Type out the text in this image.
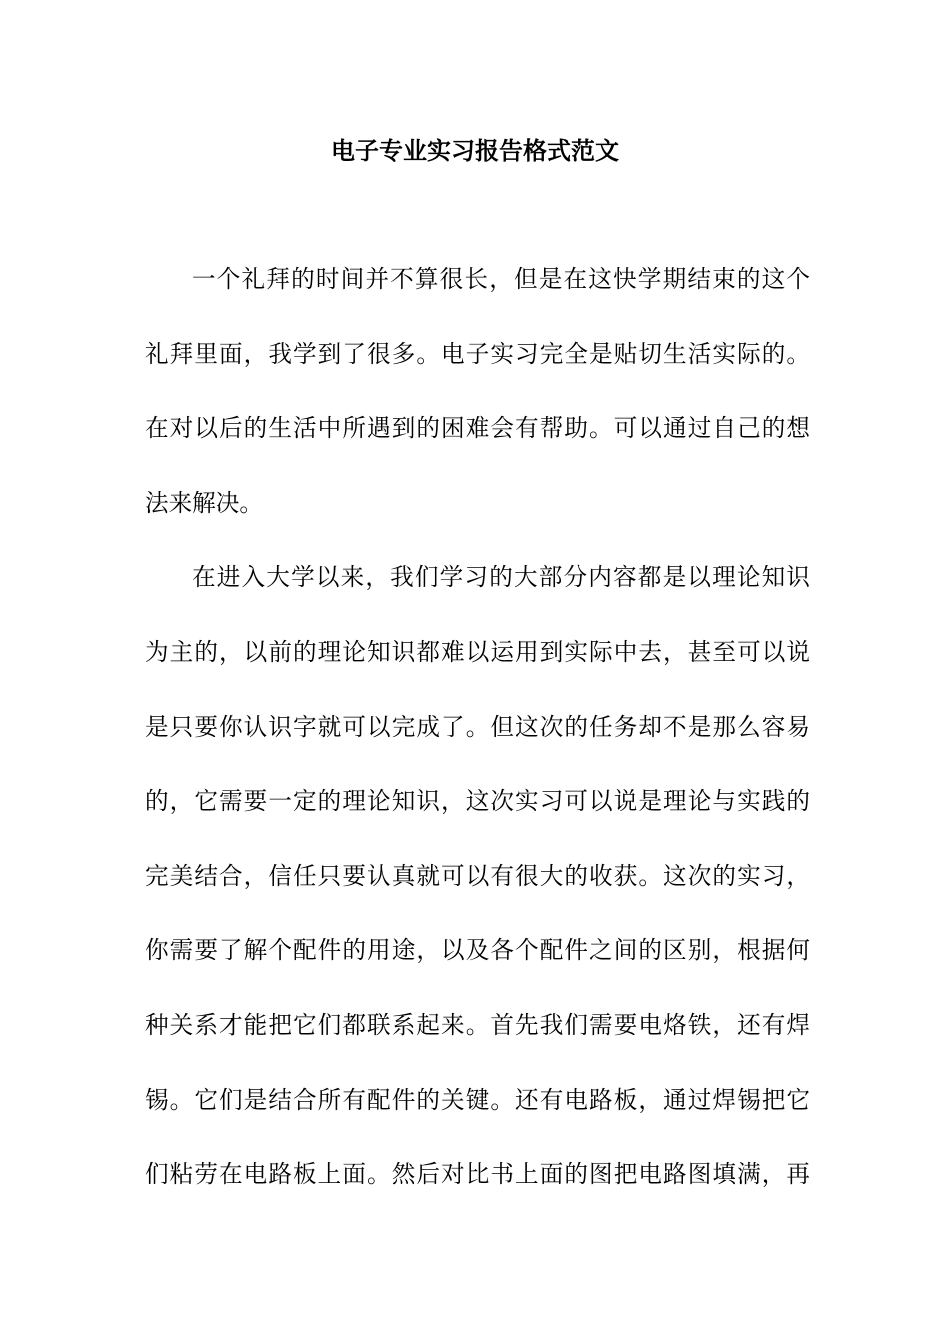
电子专业实习报告格式范文
一个礼拜的时间并不算很长，但是在这快学期结束的这个
礼拜里面，我学到了很多。电子实习完全是贴切生活实际的。
在对以后的生活中所遇到的困难会有帮助。可以通过自己的想
法来解决。
在进入大学以来，我们学习的大部分内容都是以理论知识
为主的，以前的理论知识都难以运用到实际中去，甚至可以说
是只要你认识字就可以完成了。但这次的任务却不是那么容易
的，它需要一定的理论知识，这次实习可以说是理论与实践的
完美结合，信任只要认真就可以有很大的收获。这次的实习，
你需要了解个配件的用途，以及各个配件之间的区别，根据何
种关系才能把它们都联系起来。首先我们需要电烙铁，还有焊
锡。它们是结合所有配件的关键。还有电路板，通过焊锡把它
们粘劳在电路板上面。然后对比书上面的图把电路图填满，再
